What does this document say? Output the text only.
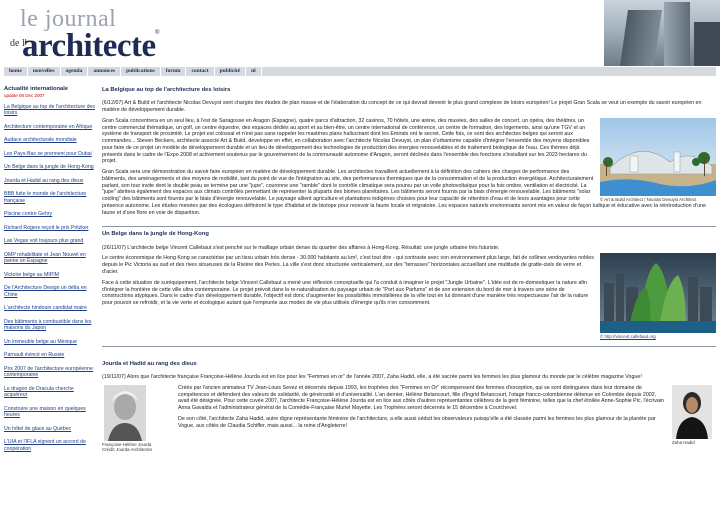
le journal
de l'
architecte ®
home	nouvelles	agenda	annonces	publications	forum	contact	publicité	nl
Actualité internationale
update 06 Dec 2007
La Belgique au top de l'architecture des loisirs
Architecture contemporaine en Afrique
Audace architecturale mondiale
Les Pays-Bas se prennent pour Dubai
Un Belge dans la jungle de Hong-Kong
Jourda et Hadid au rang des dieux
BBB fuite le monde de l'architecture française
Piscine contre Gehry
Richard Rogers reçoit le prix Pritzker
Las Vegas voit toujours plus grand
OMP rehabilitate et Jean Nouvel en panne en Espagne
Victoire belge au MIPIM
De l'Architecture Design un délta en Chine
L'architecte hindouin candidat maire
Des bâtiments à combustible dans les maisons du Japon
Un immeuble belge au Mexique
Parnault évincé en Russie
Prix 2007 de l'architecture européenne contemporaine
Le dragon de Dracula cherche acquéreur
Construire une maison en quelques heures
Un hôtel de glace au Québec
L'UIA et l'IFLA signent un accord de coopération
La Belgique au top de l'architecture des loisirs

(6/12/07) Art & Build et l'architecte Nicolas Devuyst sont chargés des études de plan masse et de l'élaboration du concept de ce qui devrait devenir le plus grand complexe de loisirs européen! Le projet Gran Scala se veut un exemple du savoir européen en matière de développement durable.

© Art & Build Architect / Nicolas Devuyst Architect

Gran Scala concentrera en un seul lieu, à l'est de Saragosse en Aragon (Espagne), quatre parcs d'attraction, 32 casinos, 70 hôtels, une arène, des musées, des salles de concert, un opéra, des théâtres, un centre commercial thématique, un golf, un centre équestre, des espaces dédiés au sport et au bien-être, un centre international de conférence, un centre de formation, des logements, ainsi qu'une TGV et un système de transport de proximité. Le projet est colossal et n'est pas sans rappeler les mastères plans hallucinant dont les Emirats ont le secret. Cette fois, ce sont des architectes belges qui seront aux commandes... Steven Beckers, architecte associé Art & Build, développe en effet, en collaboration avec l'architecte Nicolas Devuyst, un plan d'urbanisme capable d'intégrer l'ensemble des moyens disponibles pour faire de ce projet un modèle de développement durable et un lieu de développement des technologies de production des énergies renouvelables et de traitement biologique de l'eau. Ces thèmes déjà présents dans le cadre de l'Expo 2008 et activement soutenus par le gouvernement de la communauté autonome d'Aragon, seront déclinés dans l'ensemble des fonctions s'installant sur les 2023 hectares du projet.

Gran Scala sera une démonstration du savoir faire européen en matière de développement durable. Les architectes travaillent actuellement à la définition des cahiers des charges de performance des bâtiments, des aménagements et des moyens de mobilité, tant du point de vue de l'intégration au site, des performances thermiques que de la consommation et de la production énergétique. Architecturalement parlant, son tour invite dont le double peau se termine par une "jupe", couronne une "ramble" dont le contrôle climatique sera pourvu par un voile photovoltaïque pour la fois ombre, ventilation et électricité. La "jupe" abritera également des espaces aux climats contrôlés permettant de représenter la pluparts des biomes planétaires. Les bâtiments seront fournis par la biais d'énergie renouvelable. Les bâtiments "solar cooling" des bâtiments sont fournis par le biais d'énergie renouvelable. Le paysage allient agriculture et plantations indigènes choisies pour leur capacité de rétention d'eau et de leurs avantages pour cette présence autonome. Les études menées par des écologues définiront le type d'habitat et de biotope pour recevoir la faune locale et migratoire. Les espaces naturels environnants seront mis en valeur de façon ludique et éducative avec la réintroduction d'une faune et d'une flore en voie de disparition.

Un Belge dans la jungle de Hong-Kong

(26/11/07) L'architecte belge Vincent Callebaut s'est penché sur le maillage urbain dense du quartier des affaires à Hong-Kong. Résultat: une jungle urbaine très futuriste.

© http://vincent.callebaut.org

Le centre économique de Hong Kong se caractérise par un tissu urbain très dense - 30.000 habitants au km², c'est tout dire - qui contraste avec son environnement plus large, fait de collines verdoyantes nobles depuis le Pic Victoria au sud et des rives sinueuses de la Rivière des Perles. La ville s'est donc structurée verticalement, sur des "terrasses" horizontales accueillant une multitude de gratte-ciels de verre et d'acier.

Face à cette situation de suréquipement, l'architecte belge Vincent Callebaut a mené une réflexion conceptuelle qui l'a conduit à imaginer le projet "Jungle Urbaine". L'idée est de re-domestiquer la nature afin d'intégrer la frontière de cette ville ultra contemporaine. Le projet prévoit dans la re-naturalisation du paysage urbain de "Port aux Parfums" et de son extension du bord de mer à travers une série de constructions atypiques. Dans le cadre d'un développement durable, l'objectif est donc d'augmenter les possibilités immobilières de la ville tout en lui donnant d'une manière très respectueuse l'air de la nature pour pouvoir se refroidir, et la vie verte et écologique autant que l'emprunte aux modes de vie plus utilisés d'énergie qu'ils n'en consomment.

Jourda et Hadid au rang des dieux

(19/11/07) Alors que l'architecte française Françoise-Hélène Jourda est en lice pour les "Femmes en or" de l'année 2007, Zaha Hadid, elle, a été sacrée parmi les femmes les plus glamour du monde par le célèbre magazine Vogue!

Françoise-Hélène Jourda
Crédit: Jourda Architectes
Zaha Hadid

Créés par l'ancien animateur TV Jean-Louis Sevez et décernés depuis 1993, les trophées des "Femmes en Or" récompensent des femmes d'exception, qui se sont distinguées dans leur domaine de compétences et défendent des valeurs de solidarité, de générosité et d'universalité. L'an dernier, Hélène Betancourt, fille d'Ingrid Betancourt, l'otage franco-colombienne détenue en Colombie depuis 2002, avait été désignée. Pour cette cuvée 2007, l'architecte Françoise-Hélène Jourda est en lice aux côtés d'autres représentantes célèbres de la gent féminine, telles que la chef étoilée Anne-Sophie Pic, l'écrivain Anna Gavalda et l'administrateur général de la Comédie-Française Muriel Mayette. Les Trophées seront décernés le 15 décembre à Courchevel.

De son côté, l'architecte Zaha Hadid, autre digne représentante féminine de l'architecture, a elle aussi séduit les observateurs puisqu'elle a été classée parmi les femmes les plus glamour de la planète par Vogue, aux côtés de Claudia Schiffer, mais aussi... la reine d'Angleterre!
